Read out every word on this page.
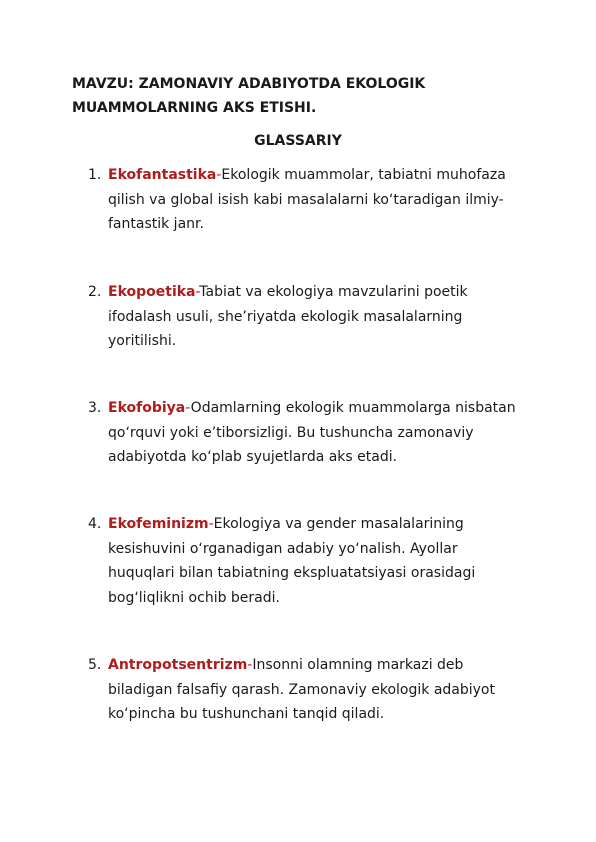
MAVZU: ZAMONAVIY ADABIYOTDA EKOLOGIK
MUAMMOLARNING AKS ETISHI.
GLASSARIY
1. Ekofantastika-Ekologik muammolar, tabiatni muhofaza qilish va global isish kabi masalalarni ko‘taradigan ilmiy-fantastik janr.
2. Ekopoetika-Tabiat va ekologiya mavzularini poetik ifodalash usuli, she’riyatda ekologik masalalarning yoritilishi.
3. Ekofobiya-Odamlarning ekologik muammolarga nisbatan qo‘rquvi yoki e’tiborsizligi. Bu tushuncha zamonaviy adabiyotda ko‘plab syujetlarda aks etadi.
4. Ekofeminizm-Ekologiya va gender masalalarining kesishuvini o‘rganadigan adabiy yo‘nalish. Ayollar huquqlari bilan tabiatning ekspluatatsiyasi orasidagi bog‘liqlikni ochib beradi.
5. Antropotsentrizm-Insonni olamning markazi deb biladigan falsafiy qarash. Zamonaviy ekologik adabiyot ko‘pincha bu tushunchani tanqid qiladi.
